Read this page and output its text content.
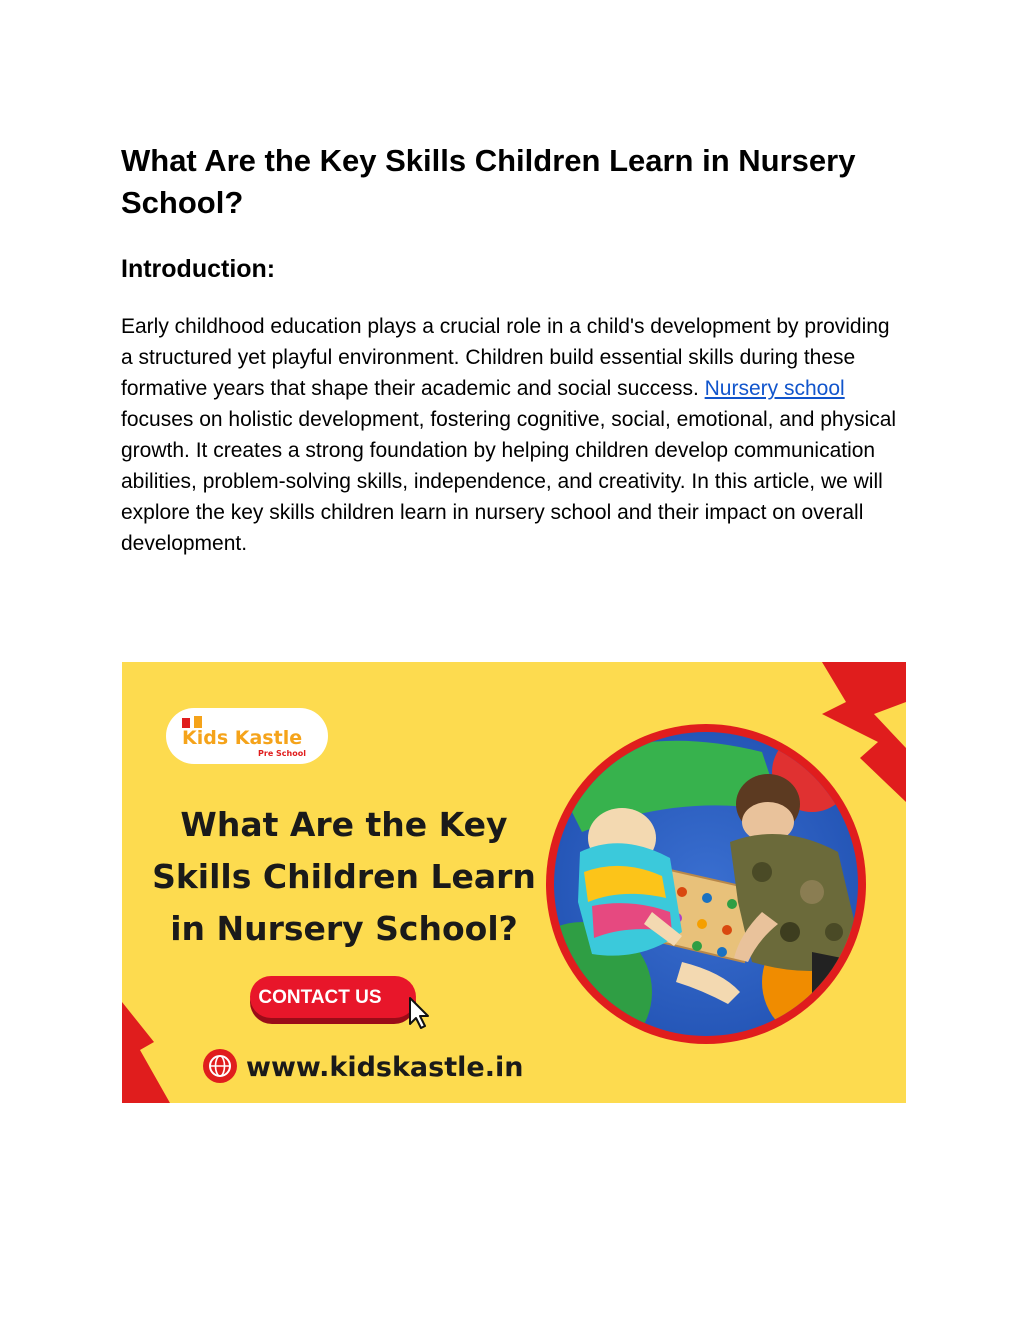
What Are the Key Skills Children Learn in Nursery School?
Introduction:

Early childhood education plays a crucial role in a child's development by providing a structured yet playful environment. Children build essential skills during these formative years that shape their academic and social success. Nursery school focuses on holistic development, fostering cognitive, social, emotional, and physical growth. It creates a strong foundation by helping children develop communication abilities, problem-solving skills, independence, and creativity. In this article, we will explore the key skills children learn in nursery school and their impact on overall development.

Kids Kastle
Pre School
What Are the Key
Skills Children Learn
in Nursery School?
CONTACT US
www.kidskastle.in
